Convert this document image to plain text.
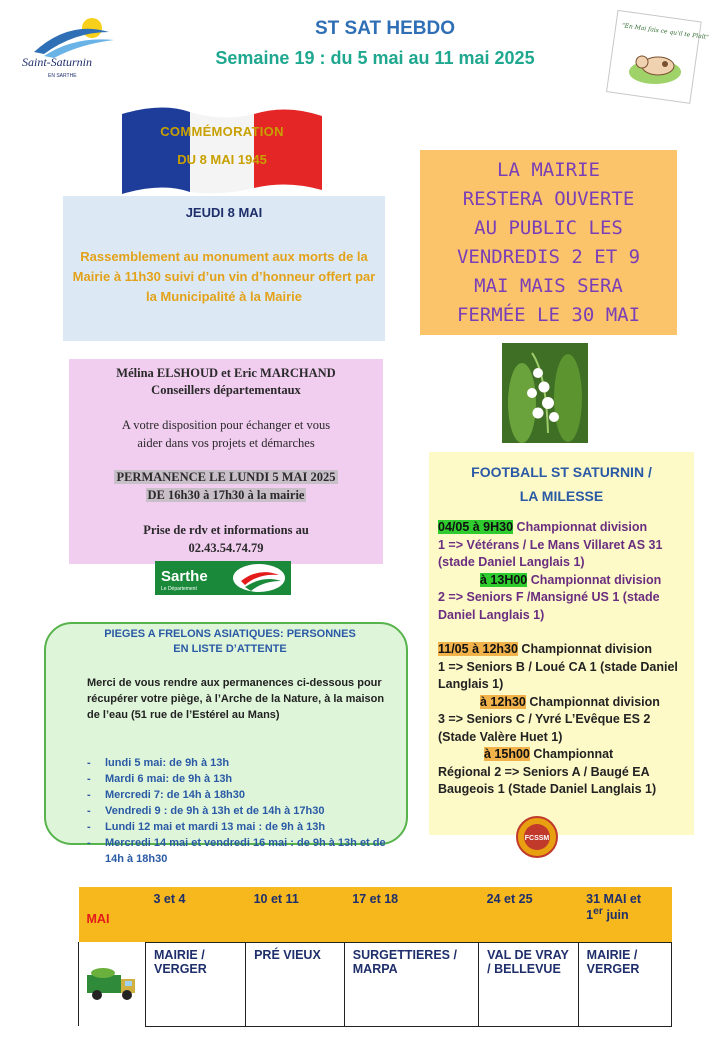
Saint-Saturnin
EN SARTHE
ST SAT HEBDO
Semaine 19 : du 5 mai au 11 mai 2025
"En Mai fais ce qu'il te Plaît"
COMMÉMORATION
DU 8 MAI 1945
JEUDI 8 MAI
Rassemblement au monument aux morts de la Mairie à 11h30 suivi d’un vin d’honneur offert par la Municipalité à la Mairie
LA MAIRIE
RESTERA OUVERTE
AU PUBLIC LES
VENDREDIS 2 ET 9
MAI MAIS SERA
FERMÉE LE 30 MAI
Mélina ELSHOUD et Eric MARCHAND
Conseillers départementaux
A votre disposition pour échanger et vous
aider dans vos projets et démarches
PERMANENCE LE LUNDI 5 MAI 2025
DE 16h30 à 17h30 à la mairie
Prise de rdv et informations au
02.43.54.74.79
Sarthe
Le Département
FOOTBALL ST SATURNIN /
LA MILESSE
04/05 à 9H30 Championnat division
1 => Vétérans / Le Mans Villaret AS 31 (stade Daniel Langlais 1)
à 13H00 Championnat division
2 => Seniors F /Mansigné US 1 (stade Daniel Langlais 1)
11/05 à 12h30 Championnat division
1 => Seniors B / Loué CA 1 (stade Daniel Langlais 1)
à 12h30 Championnat division
3 => Seniors C / Yvré L’Evêque ES 2 (Stade Valère Huet 1)
à 15h00 Championnat
Régional 2 => Seniors A / Baugé EA Baugeois 1 (Stade Daniel Langlais 1)
FCSSM
PIEGES A FRELONS ASIATIQUES: PERSONNES
EN LISTE D’ATTENTE
Merci de vous rendre aux permanences ci-dessous pour récupérer votre piège, à l’Arche de la Nature, à la maison de l’eau (51 rue de l’Estérel au Mans)
- lundi 5 mai: de 9h à 13h
- Mardi 6 mai: de 9h à 13h
- Mercredi 7: de 14h à 18h30
- Vendredi 9 : de 9h à 13h et de 14h à 17h30
- Lundi 12 mai et mardi 13 mai : de 9h à 13h
- Mercredi 14 mai et vendredi 16 mai : de 9h à 13h et de 14h à 18h30
MAI	3 et 4	10 et 11	17 et 18	24 et 25	31 MAI et
1er juin

	MAIRIE / VERGER	PRÉ VIEUX	SURGETTIERES / MARPA	VAL DE VRAY / BELLEVUE	MAIRIE / VERGER
